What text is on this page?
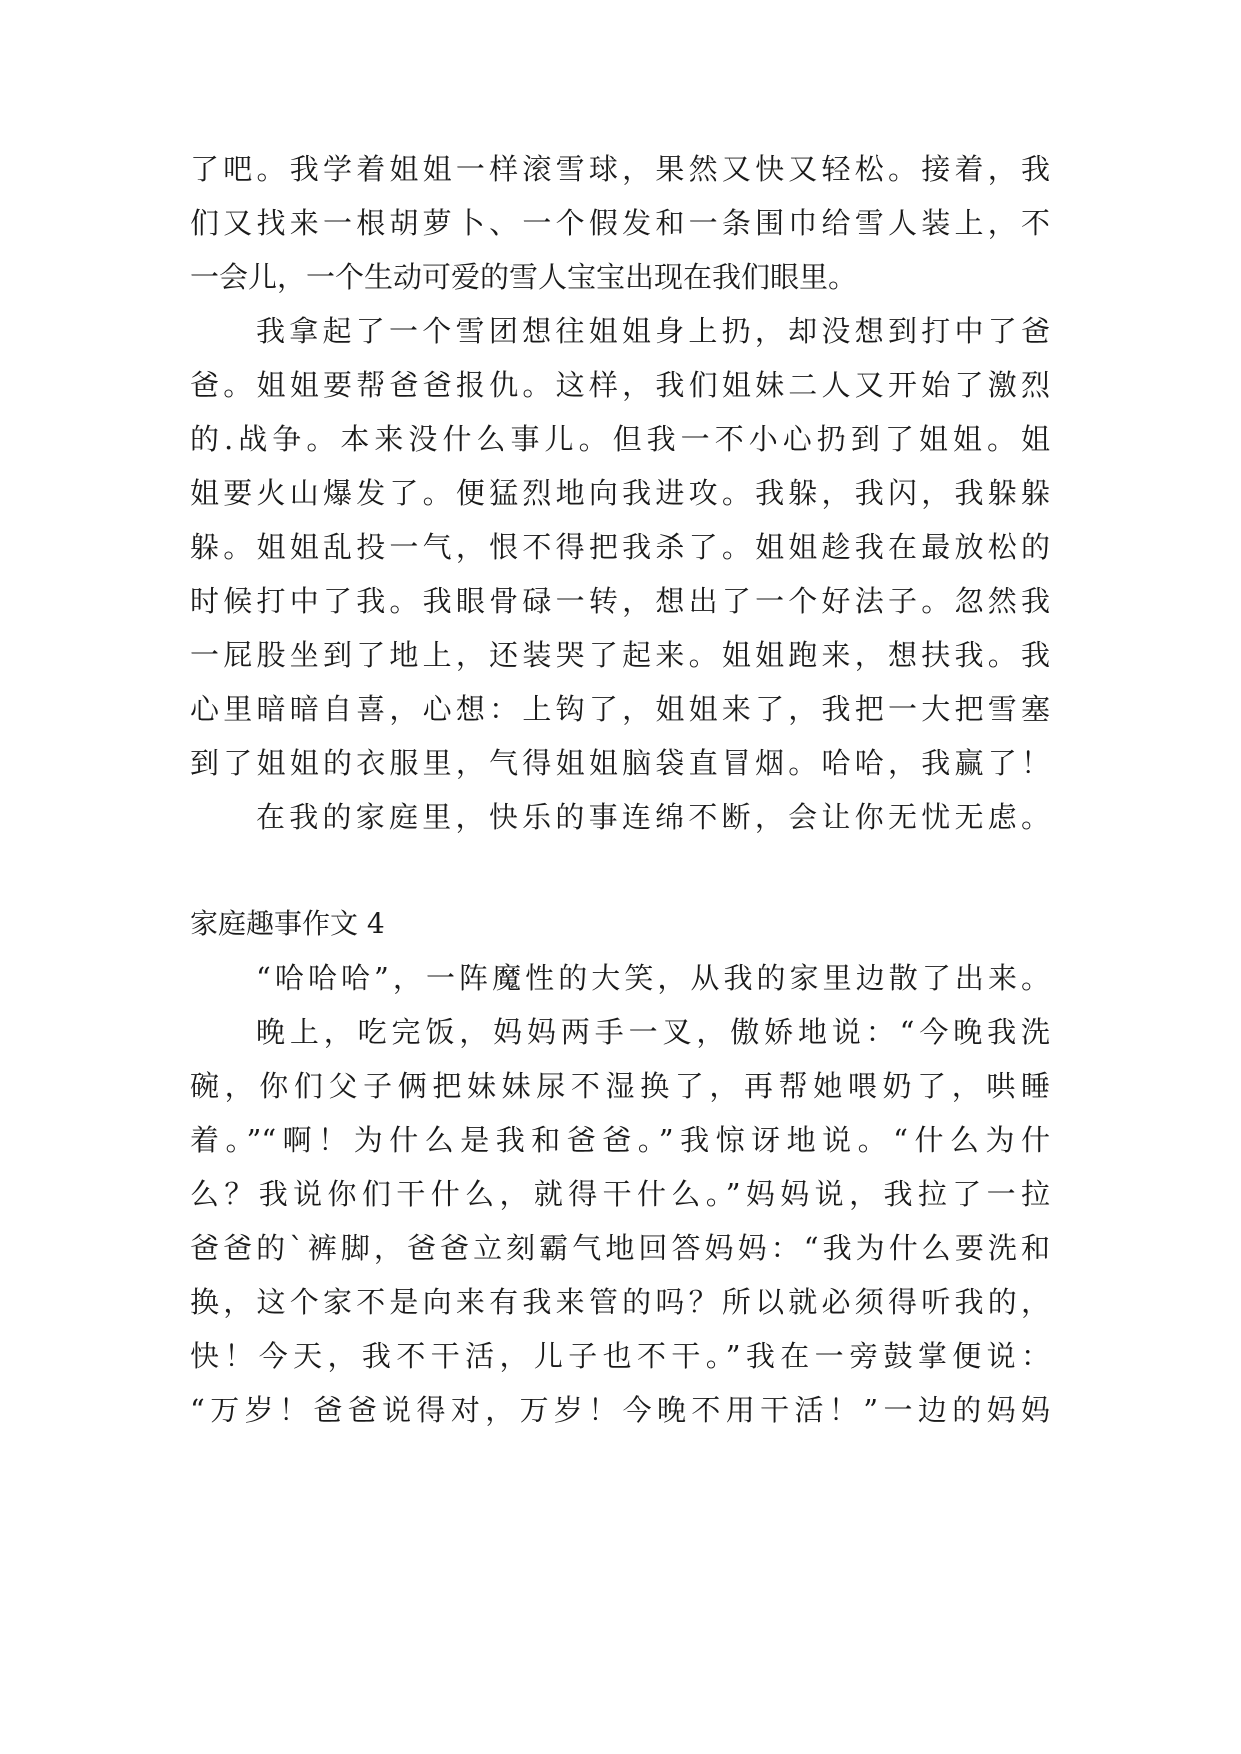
了吧。我学着姐姐一样滚雪球，果然又快又轻松。接着，我
们又找来一根胡萝卜、一个假发和一条围巾给雪人装上，不
一会儿，一个生动可爱的雪人宝宝出现在我们眼里。
我拿起了一个雪团想往姐姐身上扔，却没想到打中了爸
爸。姐姐要帮爸爸报仇。这样，我们姐妹二人又开始了激烈
的.战争。本来没什么事儿。但我一不小心扔到了姐姐。姐
姐要火山爆发了。便猛烈地向我进攻。我躲，我闪，我躲躲
躲。姐姐乱投一气，恨不得把我杀了。姐姐趁我在最放松的
时候打中了我。我眼骨碌一转，想出了一个好法子。忽然我
一屁股坐到了地上，还装哭了起来。姐姐跑来，想扶我。我
心里暗暗自喜，心想：上钩了，姐姐来了，我把一大把雪塞
到了姐姐的衣服里，气得姐姐脑袋直冒烟。哈哈，我赢了！
在我的家庭里，快乐的事连绵不断，会让你无忧无虑。
家庭趣事作文 4
“哈哈哈”，一阵魔性的大笑，从我的家里边散了出来。
晚上，吃完饭，妈妈两手一叉，傲娇地说：“今晚我洗
碗，你们父子俩把妹妹尿不湿换了，再帮她喂奶了，哄睡
着。”“啊！为什么是我和爸爸。”我惊讶地说。“什么为什
么？我说你们干什么，就得干什么。”妈妈说，我拉了一拉
爸爸的`裤脚，爸爸立刻霸气地回答妈妈：“我为什么要洗和
换，这个家不是向来有我来管的吗？所以就必须得听我的，
快！今天，我不干活，儿子也不干。”我在一旁鼓掌便说：
“万岁！爸爸说得对，万岁！今晚不用干活！”一边的妈妈
